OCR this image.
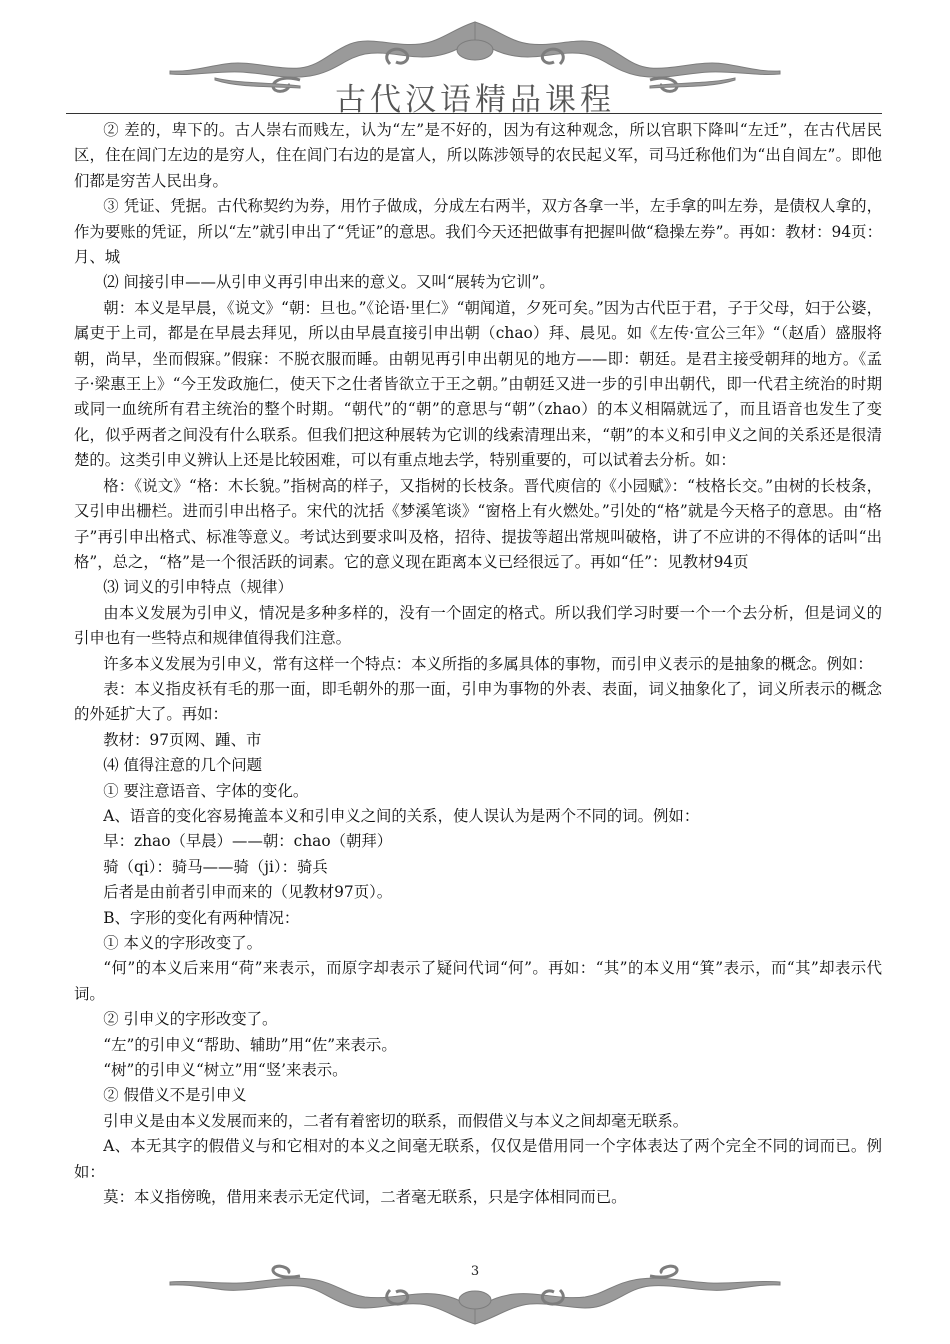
古代汉语精品课程

② 差的，卑下的。古人崇右而贱左，认为“左”是不好的，因为有这种观念，所以官职下降叫“左迁”，在古代居民区，住在闾门左边的是穷人，住在闾门右边的是富人，所以陈涉领导的农民起义军，司马迁称他们为“出自闾左”。即他们都是穷苦人民出身。

③ 凭证、凭据。古代称契约为券，用竹子做成，分成左右两半，双方各拿一半，左手拿的叫左券，是债权人拿的，作为要账的凭证，所以“左”就引申出了“凭证”的意思。我们今天还把做事有把握叫做“稳操左券”。再如：教材：94页：月、城

⑵ 间接引申——从引申义再引申出来的意义。又叫“展转为它训”。

朝：本义是早晨，《说文》“朝：旦也。”《论语·里仁》“朝闻道，夕死可矣。”因为古代臣于君，子于父母，妇于公婆，属吏于上司，都是在早晨去拜见，所以由早晨直接引申出朝（chao）拜、晨见。如《左传·宣公三年》“（赵盾）盛服将朝，尚早，坐而假寐。”假寐：不脱衣服而睡。由朝见再引申出朝见的地方——即：朝廷。是君主接受朝拜的地方。《孟子·梁惠王上》“今王发政施仁，使天下之仕者皆欲立于王之朝。”由朝廷又进一步的引申出朝代，即一代君主统治的时期或同一血统所有君主统治的整个时期。“朝代”的“朝”的意思与“朝”（zhao）的本义相隔就远了，而且语音也发生了变化，似乎两者之间没有什么联系。但我们把这种展转为它训的线索清理出来，“朝”的本义和引申义之间的关系还是很清楚的。这类引申义辨认上还是比较困难，可以有重点地去学，特别重要的，可以试着去分析。如：

格：《说文》“格：木长貌。”指树高的样子，又指树的长枝条。晋代庾信的《小园赋》：“枝格长交。”由树的长枝条，又引申出栅栏。进而引申出格子。宋代的沈括《梦溪笔谈》“窗格上有火燃处。”引处的“格”就是今天格子的意思。由“格子”再引申出格式、标准等意义。考试达到要求叫及格，招待、提拔等超出常规叫破格，讲了不应讲的不得体的话叫“出格”，总之，“格”是一个很活跃的词素。它的意义现在距离本义已经很远了。再如“任”：见教材94页

⑶ 词义的引申特点（规律）

由本义发展为引申义，情况是多种多样的，没有一个固定的格式。所以我们学习时要一个一个去分析，但是词义的引申也有一些特点和规律值得我们注意。

许多本义发展为引申义，常有这样一个特点：本义所指的多属具体的事物，而引申义表示的是抽象的概念。例如：

表：本义指皮袄有毛的那一面，即毛朝外的那一面，引申为事物的外表、表面，词义抽象化了，词义所表示的概念的外延扩大了。再如：

教材：97页网、踵、市

⑷ 值得注意的几个问题

① 要注意语音、字体的变化。

A、语音的变化容易掩盖本义和引申义之间的关系，使人误认为是两个不同的词。例如：

早：zhao（早晨）——朝：chao（朝拜）

骑（qi）：骑马——骑（ji）：骑兵

后者是由前者引申而来的（见教材97页）。

B、字形的变化有两种情况：

① 本义的字形改变了。

“何”的本义后来用“荷”来表示，而原字却表示了疑问代词“何”。再如：“其”的本义用“箕”表示，而“其”却表示代词。

② 引申义的字形改变了。

“左”的引申义“帮助、辅助”用“佐”来表示。

“树”的引申义“树立”用“竖’来表示。

② 假借义不是引申义

引申义是由本义发展而来的，二者有着密切的联系，而假借义与本义之间却毫无联系。

A、本无其字的假借义与和它相对的本义之间毫无联系，仅仅是借用同一个字体表达了两个完全不同的词而已。例如：

莫：本义指傍晚，借用来表示无定代词，二者毫无联系，只是字体相同而已。

3
